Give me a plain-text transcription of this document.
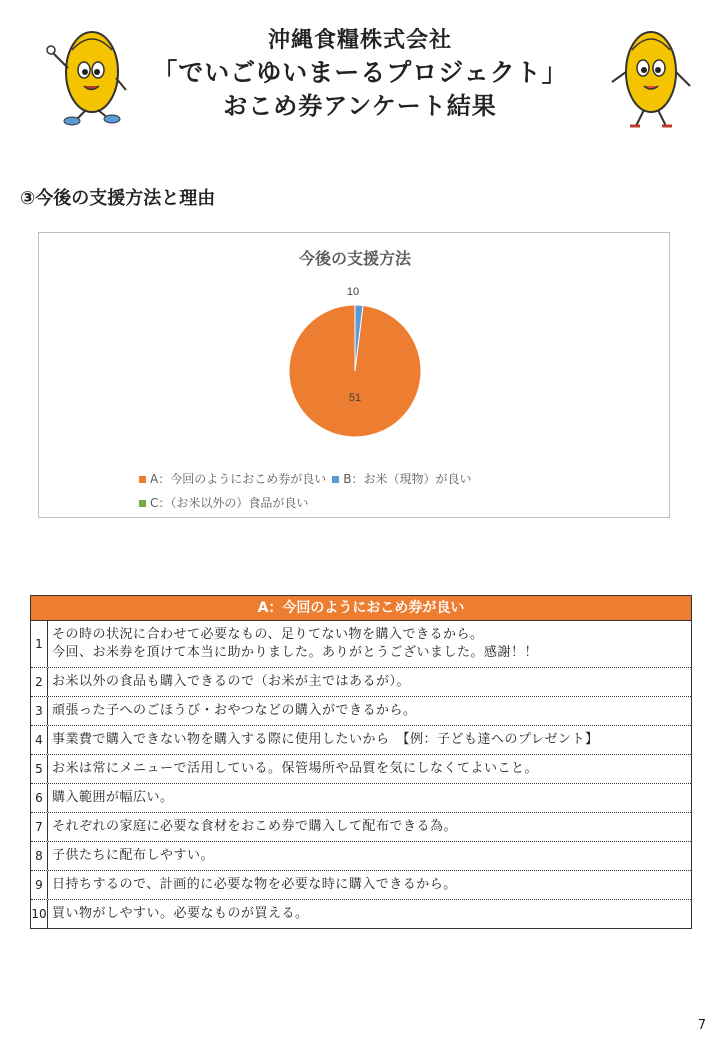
沖縄食糧株式会社
「でいごゆいまーるプロジェクト」
おこめ券アンケート結果
③今後の支援方法と理由
今後の支援方法
51
10
A：今回のようにおこめ券が良い B：お米（現物）が良いC：（お米以外の）食品が良い
A：今回のようにおこめ券が良い
1
その時の状況に合わせて必要なもの、足りてない物を購入できるから。
今回、お米券を頂けて本当に助かりました。ありがとうございました。感謝！！
2 お米以外の食品も購入できるので（お米が主ではあるが）。
3 頑張った子へのごほうび・おやつなどの購入ができるから。
4 事業費で購入できない物を購入する際に使用したいから　【例：子ども達へのプレゼント】
5 お米は常にメニューで活用している。保管場所や品質を気にしなくてよいこと。
6 購入範囲が幅広い。
7 それぞれの家庭に必要な食材をおこめ券で購入して配布できる為。
8 子供たちに配布しやすい。
9 日持ちするので、計画的に必要な物を必要な時に購入できるから。
10 買い物がしやすい。必要なものが買える。
7
